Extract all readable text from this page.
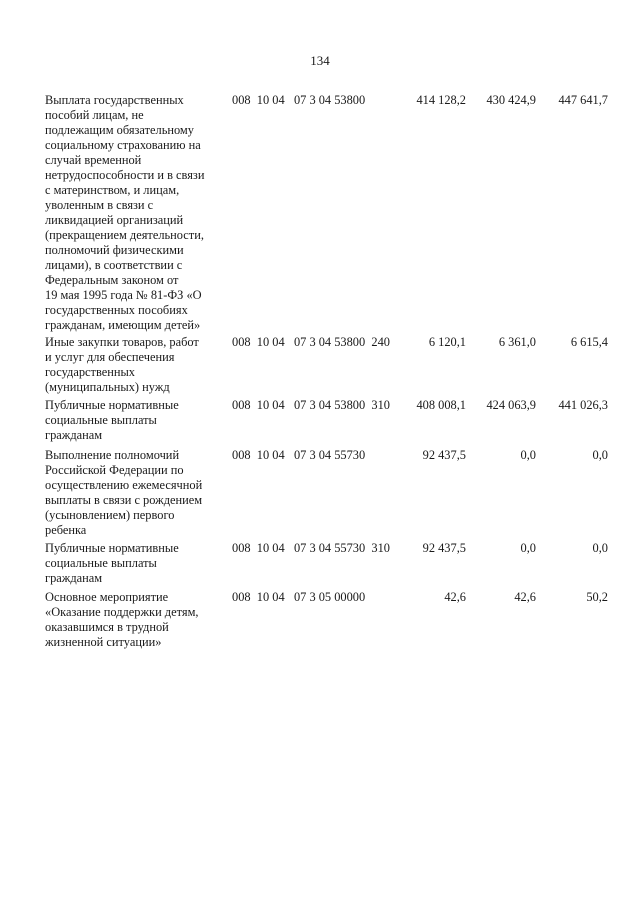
134
Выплата государственных
пособий лицам, не
подлежащим обязательному
социальному страхованию на
случай временной
нетрудоспособности и в связи
с материнством, и лицам,
уволенным в связи с
ликвидацией организаций
(прекращением деятельности,
полномочий физическими
лицами), в соответствии с
Федеральным законом от
19 мая 1995 года № 81-ФЗ «О
государственных пособиях
гражданам, имеющим детей»
008  10 04   07 3 04 53800	414 128,2	430 424,9	447 641,7
Иные закупки товаров, работ
и услуг для обеспечения
государственных
(муниципальных) нужд
008  10 04   07 3 04 53800  240	6 120,1	6 361,0	6 615,4
Публичные нормативные
социальные выплаты
гражданам
008  10 04   07 3 04 53800  310	408 008,1	424 063,9	441 026,3
Выполнение полномочий
Российской Федерации по
осуществлению ежемесячной
выплаты в связи с рождением
(усыновлением) первого
ребенка
008  10 04   07 3 04 55730	92 437,5	0,0	0,0
Публичные нормативные
социальные выплаты
гражданам
008  10 04   07 3 04 55730  310	92 437,5	0,0	0,0
Основное мероприятие
«Оказание поддержки детям,
оказавшимся в трудной
жизненной ситуации»
008  10 04   07 3 05 00000	42,6	42,6	50,2
